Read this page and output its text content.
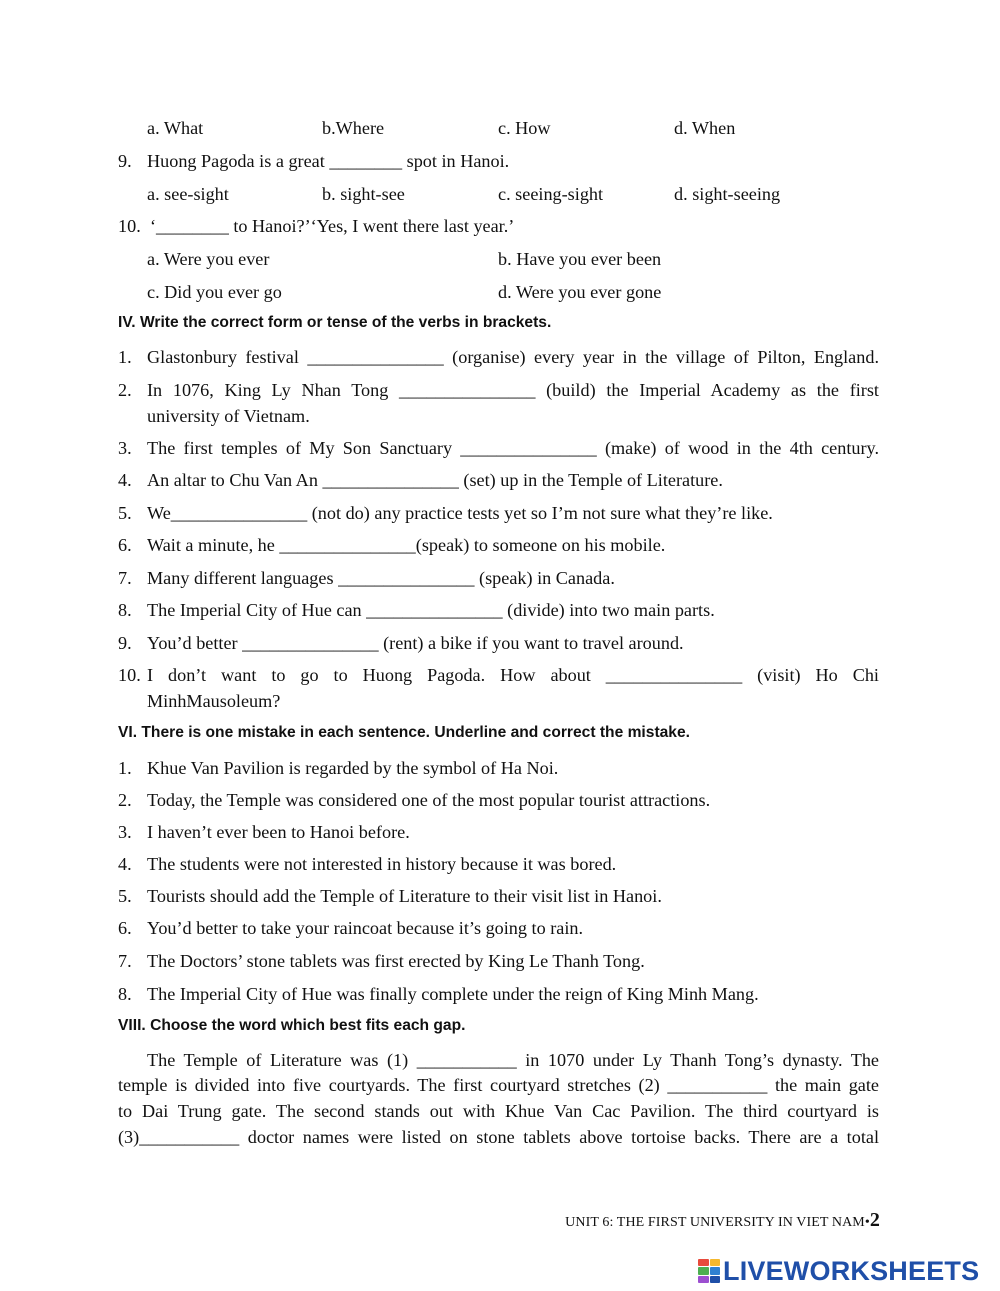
a. What	b.Where	c. How	d. When
9. Huong Pagoda is a great ________ spot in Hanoi.
a. see-sight	b. sight-see	c. seeing-sight	d. sight-seeing
10. ‘________ to Hanoi?’‘Yes, I went there last year.’
a. Were you ever	b. Have you ever been
c. Did you ever go	d. Were you ever gone
IV. Write the correct form or tense of the verbs in brackets.
1. Glastonbury festival _______________ (organise) every year in the village of Pilton, England.
2. In 1076, King Ly Nhan Tong _______________ (build) the Imperial Academy as the first
university of Vietnam.
3. The first temples of My Son Sanctuary _______________ (make) of wood in the 4th century.
4. An altar to Chu Van An _______________ (set) up in the Temple of Literature.
5. We_______________ (not do) any practice tests yet so I’m not sure what they’re like.
6. Wait a minute, he _______________(speak) to someone on his mobile.
7. Many different languages _______________ (speak) in Canada.
8. The Imperial City of Hue can _______________ (divide) into two main parts.
9. You’d better _______________ (rent) a bike if you want to travel around.
10. I don’t want to go to Huong Pagoda. How about _______________ (visit) Ho Chi
MinhMausoleum?
VI. There is one mistake in each sentence. Underline and correct the mistake.
1. Khue Van Pavilion is regarded by the symbol of Ha Noi.
2. Today, the Temple was considered one of the most popular tourist attractions.
3. I haven’t ever been to Hanoi before.
4. The students were not interested in history because it was bored.
5. Tourists should add the Temple of Literature to their visit list in Hanoi.
6. You’d better to take your raincoat because it’s going to rain.
7. The Doctors’ stone tablets was first erected by King Le Thanh Tong.
8. The Imperial City of Hue was finally complete under the reign of King Minh Mang.
VIII. Choose the word which best fits each gap.
The Temple of Literature was (1) ___________ in 1070 under Ly Thanh Tong’s dynasty. The
temple is divided into five courtyards. The first courtyard stretches (2) ___________ the main gate
to Dai Trung gate. The second stands out with Khue Van Cac Pavilion. The third courtyard is
(3)___________ doctor names were listed on stone tablets above tortoise backs. There are a total
UNIT 6: THE FIRST UNIVERSITY IN VIET NAM•2
LIVEWORKSHEETS
